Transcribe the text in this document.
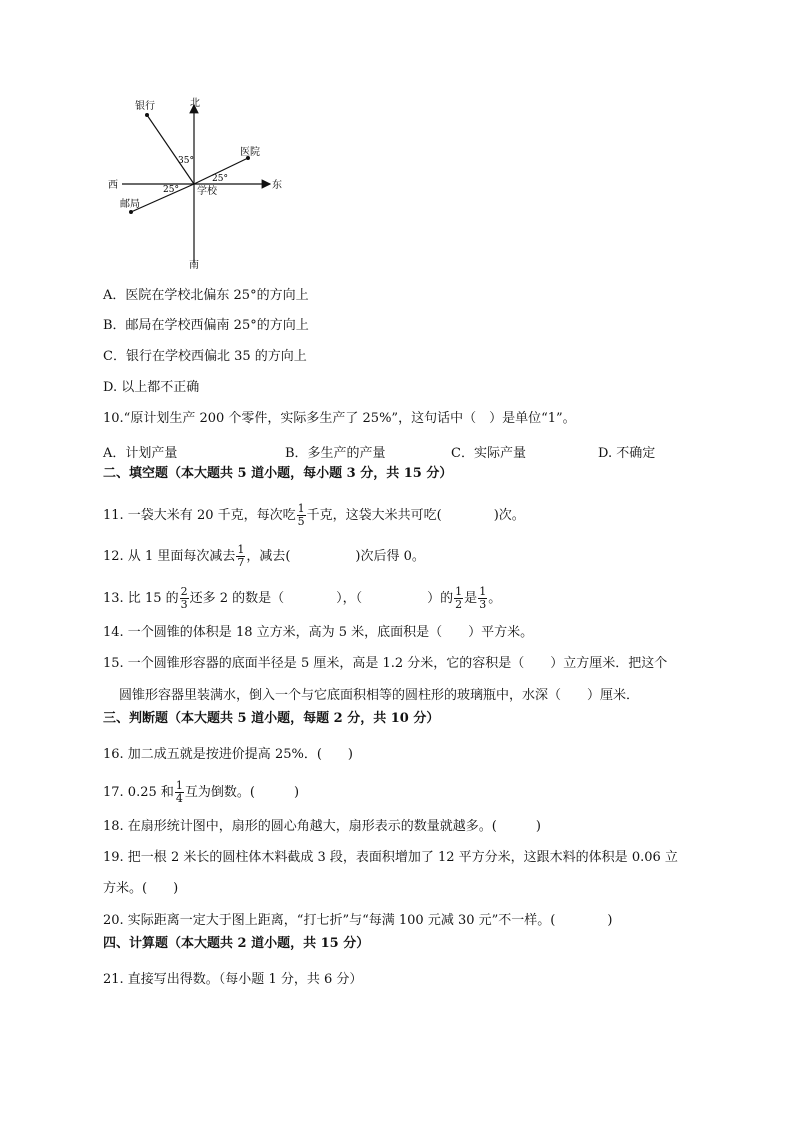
北
南
东
西
银行
医院
邮局
学校
35°
25°
25°
A．医院在学校北偏东 25°的方向上
B．邮局在学校西偏南 25°的方向上
C．银行在学校西偏北 35 的方向上
D. 以上都不正确
10.“原计划生产 200 个零件，实际多生产了 25%”，这句话中（　）是单位“1”。
A．计划产量	B．多生产的产量	C．实际产量	D. 不确定
二、填空题（本大题共 5 道小题，每小题 3 分，共 15 分）
11. 一袋大米有 20 千克，每次吃 $\frac{1}{5}$ 千克，这袋大米共可吃(　　　　)次。
12. 从 1 里面每次减去 $\frac{1}{7}$ ，减去(　　　　　)次后得 0。
13. 比 15 的 $\frac{2}{3}$ 还多 2 的数是（　　　　），（　　　　　）的 $\frac{1}{2}$ 是 $\frac{1}{3}$ 。
14. 一个圆锥的体积是 18 立方米，高为 5 米，底面积是（　　）平方米。
15. 一个圆锥形容器的底面半径是 5 厘米，高是 1.2 分米，它的容积是（　　）立方厘米．把这个
圆锥形容器里装满水，倒入一个与它底面积相等的圆柱形的玻璃瓶中，水深（　　）厘米．
三、判断题（本大题共 5 道小题，每题 2 分，共 10 分）
16. 加二成五就是按进价提高 25%．(　　)
17. 0.25 和 $\frac{1}{4}$ 互为倒数。(　　　)
18. 在扇形统计图中，扇形的圆心角越大，扇形表示的数量就越多。(　　　)
19. 把一根 2 米长的圆柱体木料截成 3 段，表面积增加了 12 平方分米，这跟木料的体积是 0.06 立
方米。(　　)
20. 实际距离一定大于图上距离，“打七折”与“每满 100 元减 30 元”不一样。(　　　　)
四、计算题（本大题共 2 道小题，共 15 分）
21. 直接写出得数。（每小题 1 分，共 6 分）
